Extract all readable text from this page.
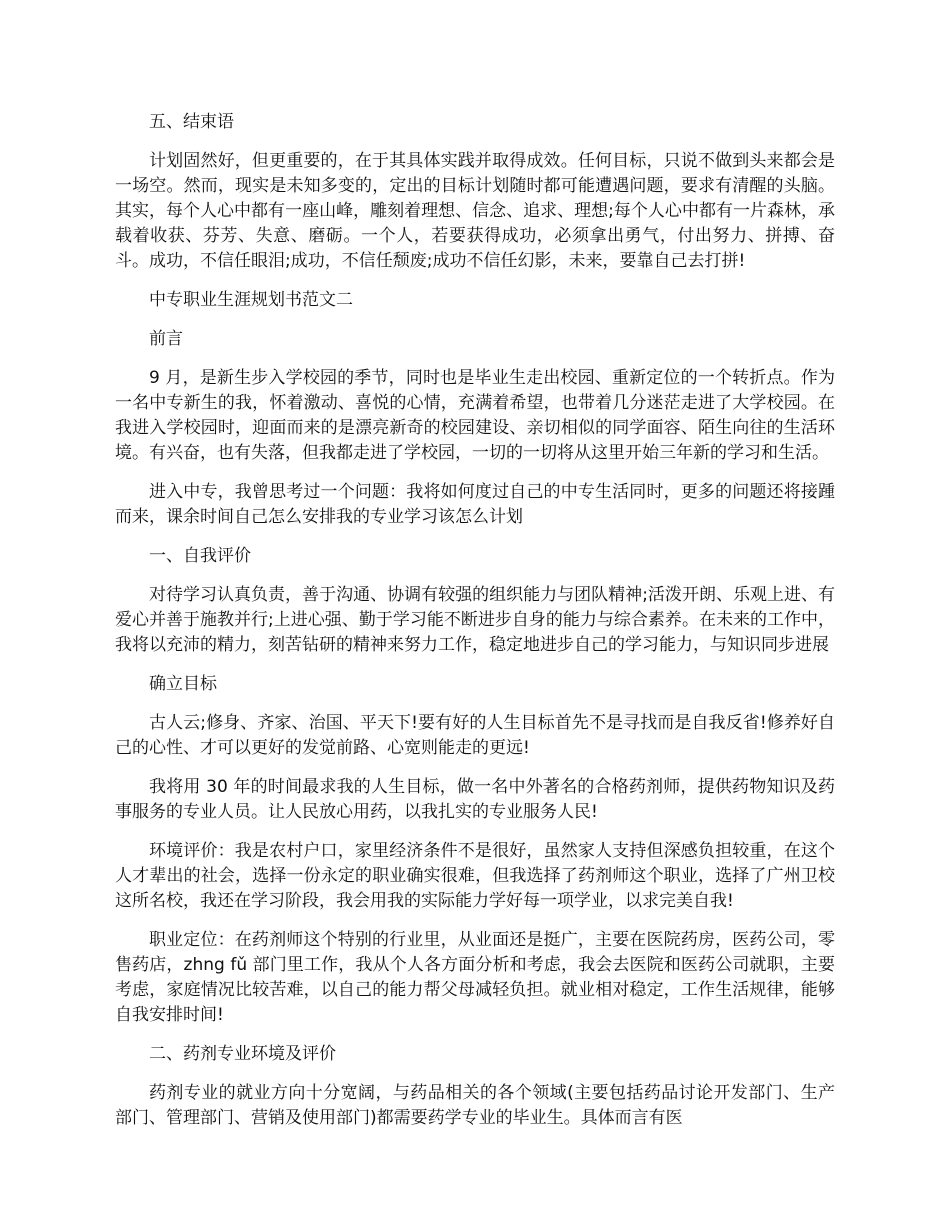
五、结束语

计划固然好，但更重要的，在于其具体实践并取得成效。任何目标，只说不做到头来都会是一场空。然而，现实是未知多变的，定出的目标计划随时都可能遭遇问题，要求有清醒的头脑。其实，每个人心中都有一座山峰，雕刻着理想、信念、追求、理想;每个人心中都有一片森林，承载着收获、芬芳、失意、磨砺。一个人，若要获得成功，必须拿出勇气，付出努力、拼搏、奋斗。成功，不信任眼泪;成功，不信任颓废;成功不信任幻影，未来，要靠自己去打拼!

中专职业生涯规划书范文二

前言

9 月，是新生步入学校园的季节，同时也是毕业生走出校园、重新定位的一个转折点。作为一名中专新生的我，怀着激动、喜悦的心情，充满着希望，也带着几分迷茫走进了大学校园。在我进入学校园时，迎面而来的是漂亮新奇的校园建设、亲切相似的同学面容、陌生向往的生活环境。有兴奋，也有失落，但我都走进了学校园，一切的一切将从这里开始三年新的学习和生活。

进入中专，我曾思考过一个问题：我将如何度过自己的中专生活同时，更多的问题还将接踵而来，课余时间自己怎么安排我的专业学习该怎么计划

一、自我评价

对待学习认真负责，善于沟通、协调有较强的组织能力与团队精神;活泼开朗、乐观上进、有爱心并善于施教并行;上进心强、勤于学习能不断进步自身的能力与综合素养。在未来的工作中，我将以充沛的精力，刻苦钻研的精神来努力工作，稳定地进步自己的学习能力，与知识同步进展

确立目标

古人云;修身、齐家、治国、平天下!要有好的人生目标首先不是寻找而是自我反省!修养好自己的心性、才可以更好的发觉前路、心宽则能走的更远!

我将用 30 年的时间最求我的人生目标，做一名中外著名的合格药剂师，提供药物知识及药事服务的专业人员。让人民放心用药，以我扎实的专业服务人民!

环境评价：我是农村户口，家里经济条件不是很好，虽然家人支持但深感负担较重，在这个人才辈出的社会，选择一份永定的职业确实很难，但我选择了药剂师这个职业，选择了广州卫校这所名校，我还在学习阶段，我会用我的实际能力学好每一项学业，以求完美自我!

职业定位：在药剂师这个特别的行业里，从业面还是挺广，主要在医院药房，医药公司，零售药店，zhng fǔ 部门里工作，我从个人各方面分析和考虑，我会去医院和医药公司就职，主要考虑，家庭情况比较苦难，以自己的能力帮父母减轻负担。就业相对稳定，工作生活规律，能够自我安排时间!

二、药剂专业环境及评价

药剂专业的就业方向十分宽阔，与药品相关的各个领域(主要包括药品讨论开发部门、生产部门、管理部门、营销及使用部门)都需要药学专业的毕业生。具体而言有医
